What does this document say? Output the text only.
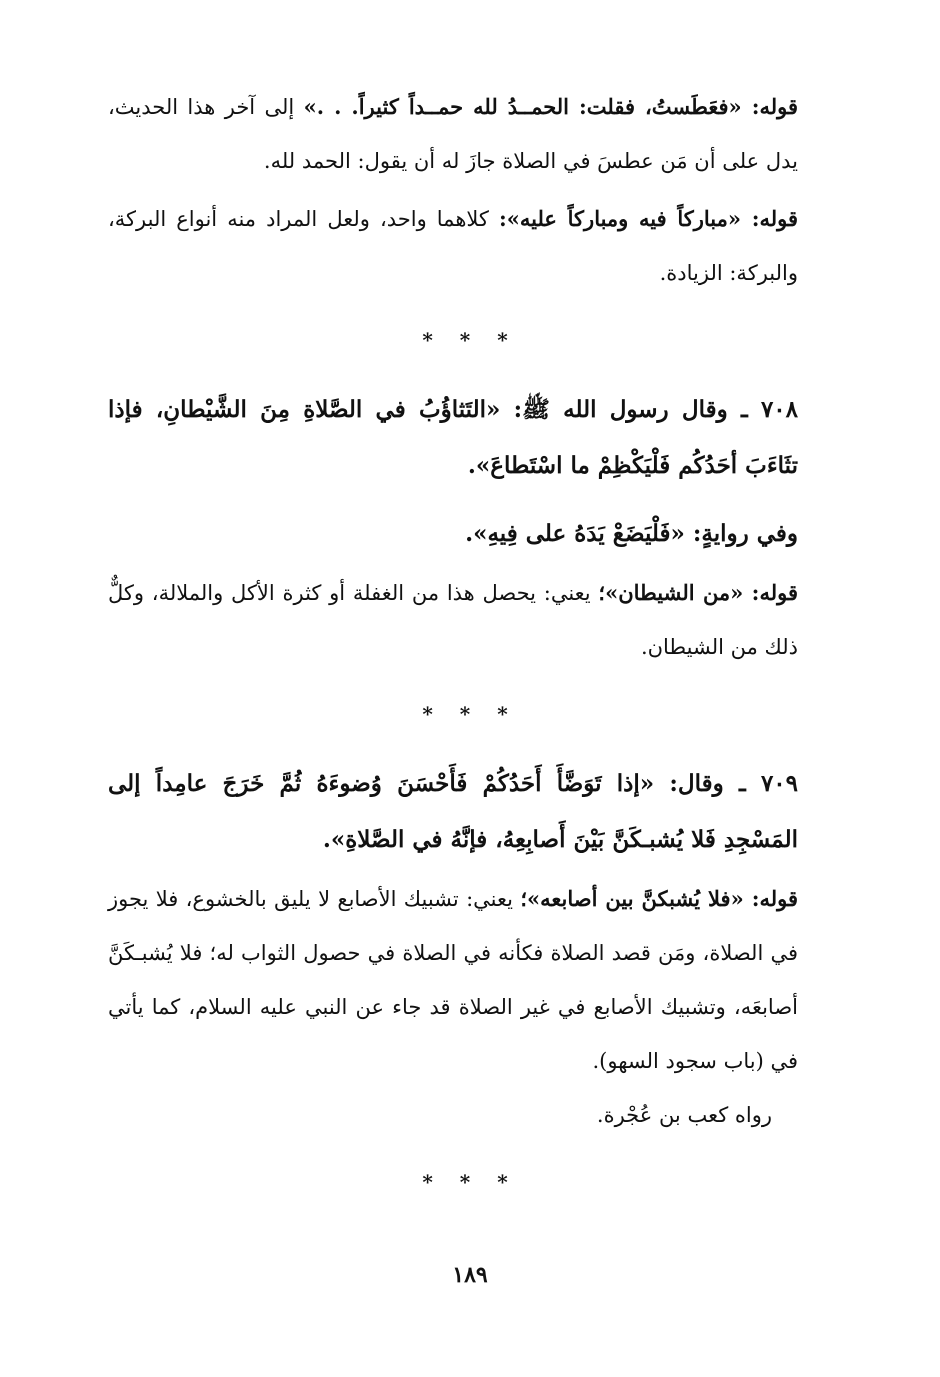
قوله: «فعَطَستُ، فقلت: الحمــدُ لله حمــداً كثيراً. . .» إلى آخر هذا الحديث، يدل على أن مَن عطسَ في الصلاة جازَ له أن يقول: الحمد لله.

قوله: «مباركاً فيه ومباركاً عليه»: كلاهما واحد، ولعل المراد منه أنواع البركة، والبركة: الزيادة.

* * *

٧٠٨ ـ وقال رسول الله ﷺ: «التَثاؤُبُ في الصَّلاةِ مِنَ الشَّيْطانِ، فإذا تثَاءَبَ أحَدُكُم فَلْيَكْظِمْ ما اسْتَطاعَ».

وفي روايةٍ: «فَلْيَضَعْ يَدَهُ على فِيهِ».

قوله: «من الشيطان»؛ يعني: يحصل هذا من الغفلة أو كثرة الأكل والملالة، وكلٌّ ذلك من الشيطان.

* * *

٧٠٩ ـ وقال: «إذا تَوَضَّأَ أَحَدُكُمْ فَأَحْسَنَ وُضوءَهُ ثُمَّ خَرَجَ عامِداً إلى المَسْجِدِ فَلا يُشبـكَنَّ بَيْنَ أَصابِعِهُ، فإنَّهُ في الصَّلاةِ».

قوله: «فلا يُشبكنَّ بين أصابعه»؛ يعني: تشبيك الأصابع لا يليق بالخشوع، فلا يجوز في الصلاة، ومَن قصد الصلاة فكأنه في الصلاة في حصول الثواب له؛ فلا يُشبـكَنَّ أصابعَه، وتشبيك الأصابع في غير الصلاة قد جاء عن النبي عليه السلام، كما يأتي في (باب سجود السهو).

رواه كعب بن عُجْرة.

* * *
١٨٩
